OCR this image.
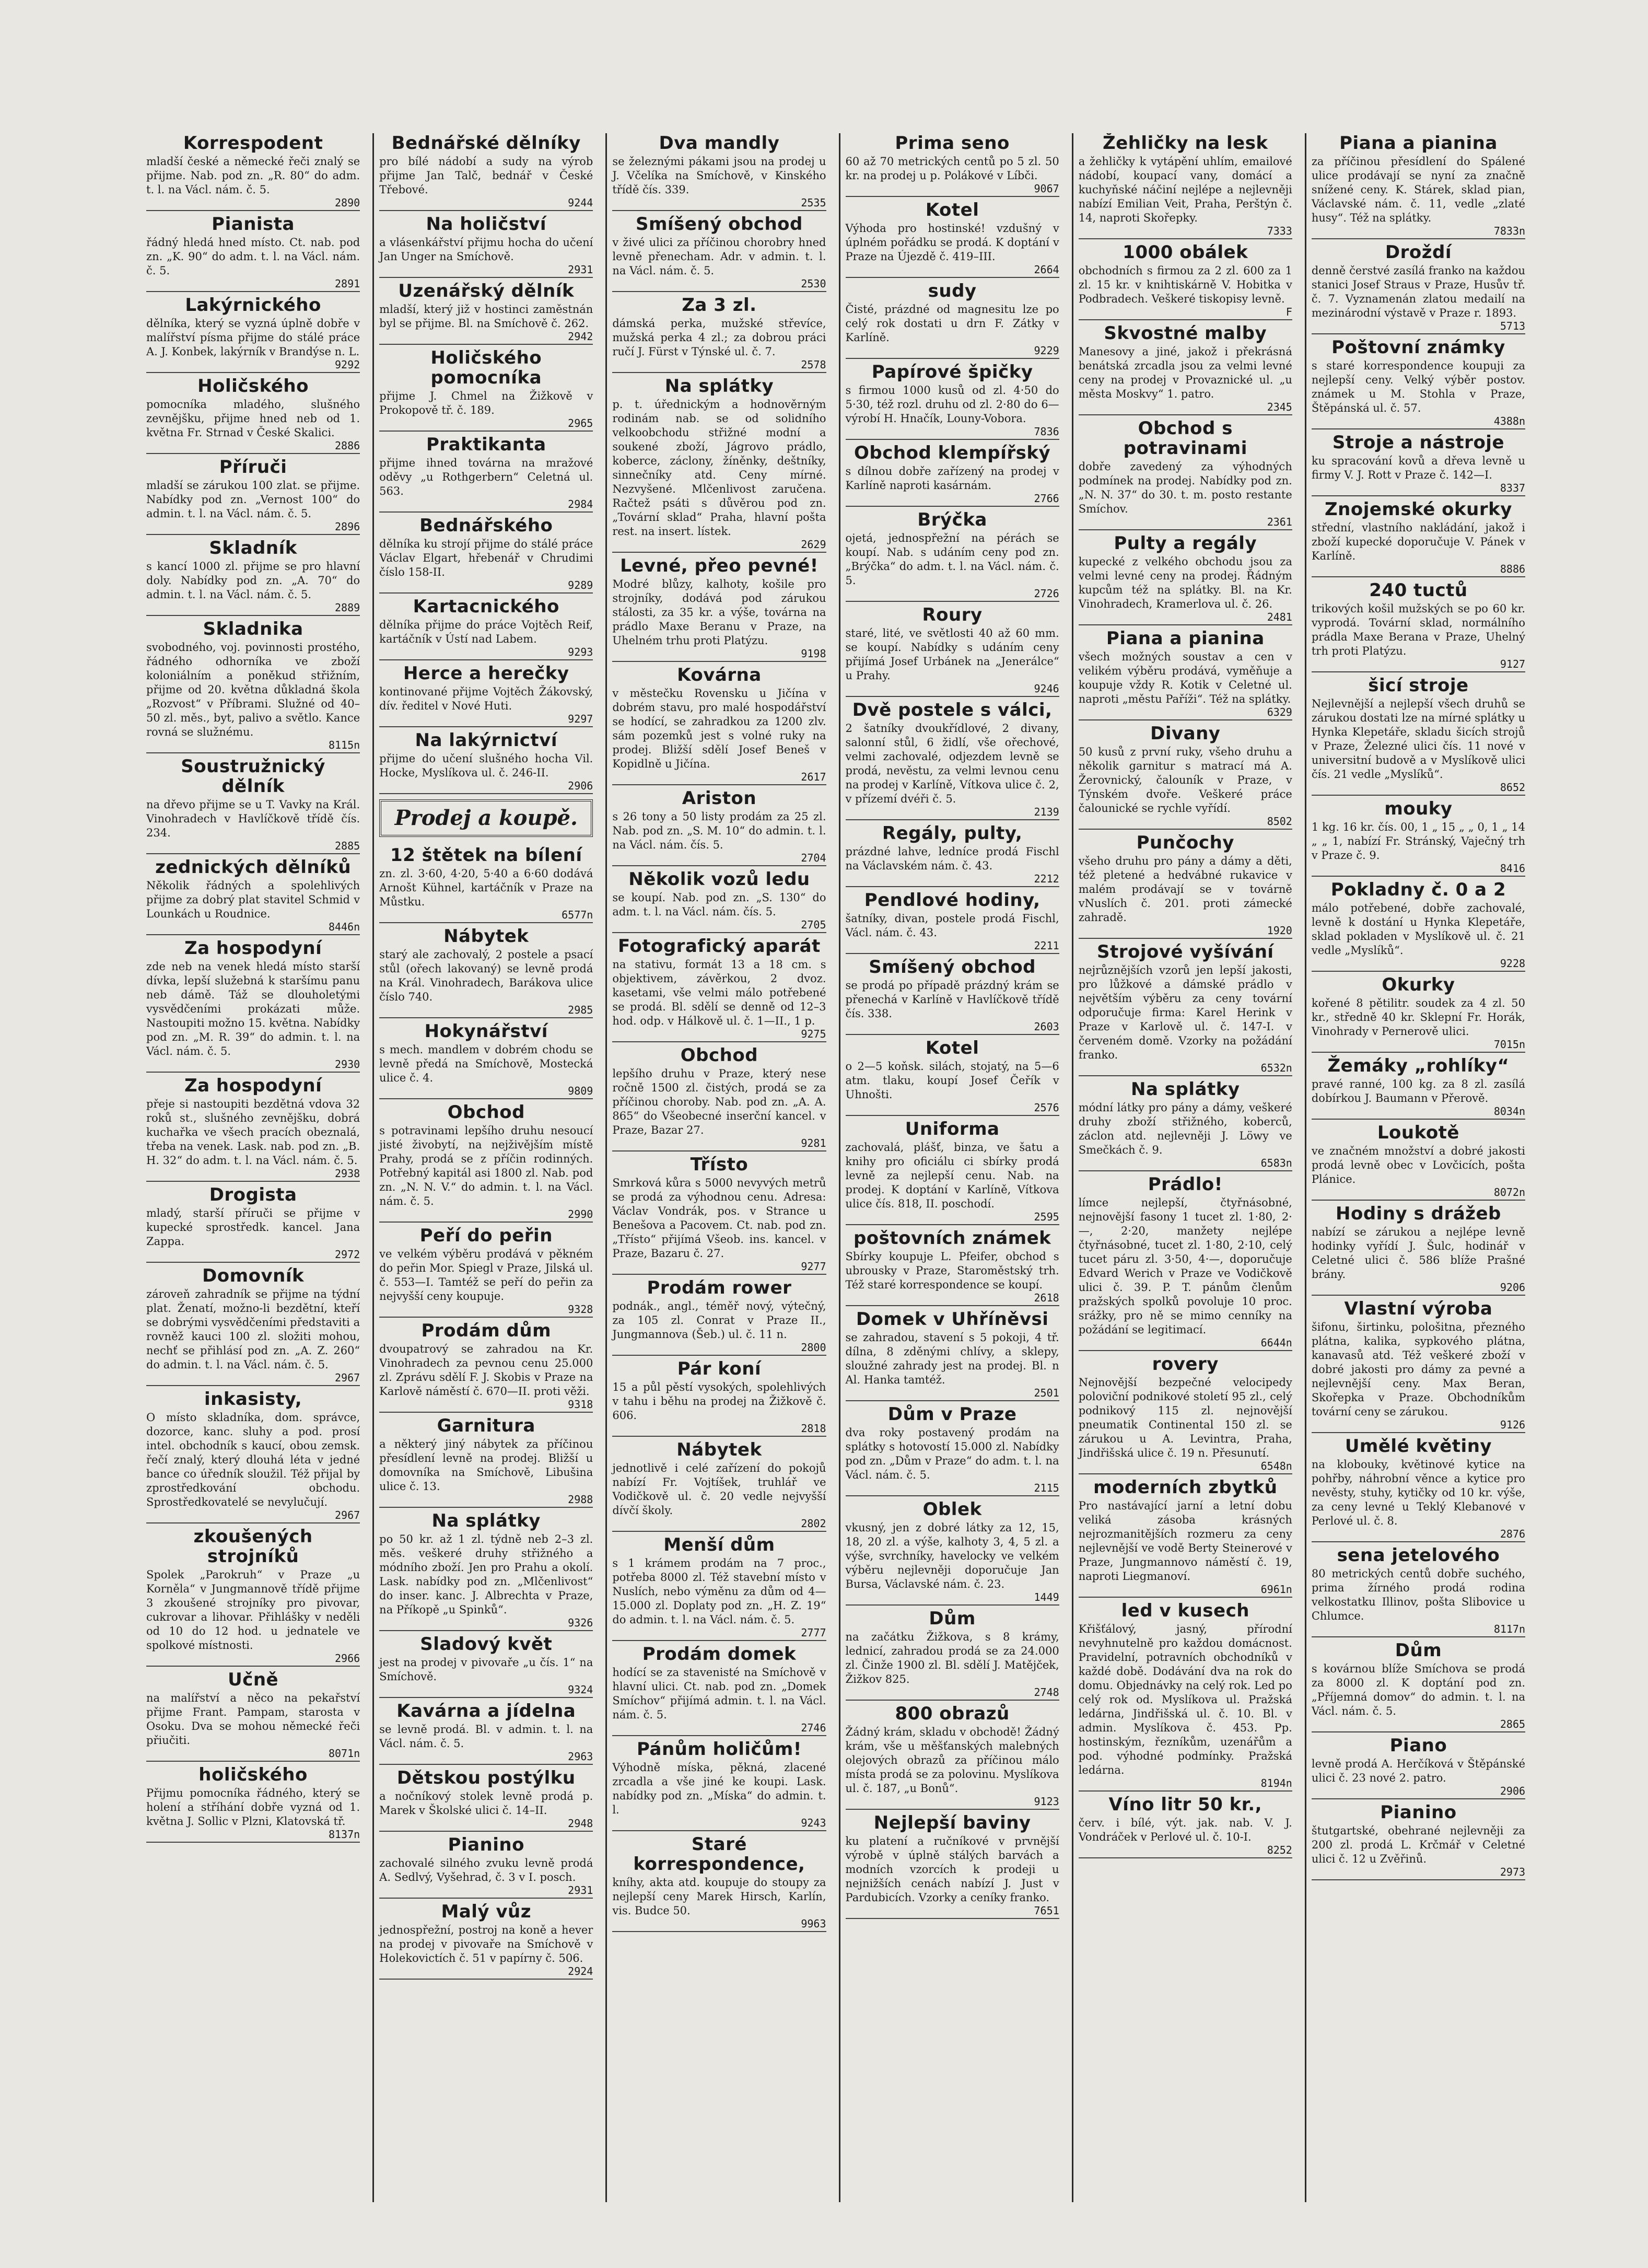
Korrespodent

mladší české a německé řeči znalý se přijme. Nab. pod zn. „R. 80“ do adm. t. l. na Václ. nám. č. 5.

2890
Pianista

řádný hledá hned místo. Ct. nab. pod zn. „K. 90“ do adm. t. l. na Václ. nám. č. 5.

2891
Lakýrnického

dělníka, který se vyzná úplně dobře v malířství písma přijme do stálé práce A. J. Konbek, lakýrník v Brandýse n. L.

9292
Holičského

pomocníka mladého, slušného zevnějšku, přijme hned neb od 1. května Fr. Strnad v České Skalici.

2886
Příruči

mladší se zárukou 100 zlat. se přijme. Nabídky pod zn. „Vernost 100“ do admin. t. l. na Václ. nám. č. 5.

2896
Skladník

s kancí 1000 zl. přijme se pro hlavní doly. Nabídky pod zn. „A. 70“ do admin. t. l. na Václ. nám. č. 5.

2889
Skladnika

svobodného, voj. povinnosti prostého, řádného odhorníka ve zboží koloniálním a poněkud střižním, přijme od 20. května důkladná škola „Rozvost“ v Příbrami. Služné od 40–50 zl. měs., byt, palivo a světlo. Kance rovná se služnému.

8115n
Soustružnický dělník

na dřevo přijme se u T. Vavky na Král. Vinohradech v Havlíčkově třídě čís. 234.

2885
zednických dělníků

Několik řádných a spolehlivých přijme za dobrý plat stavitel Schmid v Lounkách u Roudnice.

8446n
Za hospodyní

zde neb na venek hledá místo starší dívka, lepší služebná k staršímu panu neb dámě. Táž se dlouholetými vysvědčeními prokázati může. Nastoupiti možno 15. května. Nabídky pod zn. „M. R. 39“ do admin. t. l. na Václ. nám. č. 5.

2930
Za hospodyní

přeje si nastoupiti bezdětná vdova 32 roků st., slušného zevnějšku, dobrá kuchařka ve všech pracích obeznalá, třeba na venek. Lask. nab. pod zn. „B. H. 32“ do adm. t. l. na Václ. nám. č. 5.

2938
Drogista

mladý, starší příruči se přijme v kupecké sprostředk. kancel. Jana Zappa.

2972
Domovník

zároveň zahradník se přijme na týdní plat. Ženatí, možno-li bezdětní, kteří se dobrými vysvědčeními představiti a rovněž kauci 100 zl. složiti mohou, nechť se přihlásí pod zn. „A. Z. 260“ do admin. t. l. na Václ. nám. č. 5.

2967
inkasisty,

O místo skladníka, dom. správce, dozorce, kanc. sluhy a pod. prosí intel. obchodník s kaucí, obou zemsk. řečí znalý, který dlouhá léta v jedné bance co úředník sloužil. Též přijal by zprostředkování obchodu. Sprostředkovatelé se nevylučují.

2967
zkoušených strojníků

Spolek „Parokruh“ v Praze „u Korněla“ v Jungmannově třídě přijme 3 zkoušené strojníky pro pivovar, cukrovar a lihovar. Přihlášky v neděli od 10 do 12 hod. u jednatele ve spolkové místnosti.

2966
Učně

na malířství a něco na pekařství přijme Frant. Pampam, starosta v Osoku. Dva se mohou německé řeči přiučiti.

8071n
holičského

Přijmu pomocníka řádného, který se holení a stříhání dobře vyzná od 1. května J. Sollic v Plzni, Klatovská tř.

8137n
Bednářské dělníky

pro bílé nádobí a sudy na výrob přijme Jan Talč, bednář v České Třebové.

9244
Na holičství

a vlásenkářství přijmu hocha do učení Jan Unger na Smíchově.

2931
Uzenářský dělník

mladší, který již v hostinci zaměstnán byl se přijme. Bl. na Smíchově č. 262.

2942
Holičského pomocníka

přijme J. Chmel na Žižkově v Prokopově tř. č. 189.

2965
Praktikanta

přijme ihned továrna na mražové oděvy „u Rothgerbern“ Celetná ul. 563.

2984
Bednářského

dělníka ku strojí přijme do stálé práce Václav Elgart, hřebenář v Chrudimi číslo 158-II.

9289
Kartacnického

dělníka přijme do práce Vojtěch Reif, kartáčník v Ústí nad Labem.

9293
Herce a herečky

kontinované přijme Vojtěch Žákovský, dív. ředitel v Nové Huti.

9297
Na lakýrnictví

přijme do učení slušného hocha Vil. Hocke, Myslíkova ul. č. 246-II.

2906
Prodej a koupě.
12 štětek na bílení

zn. zl. 3·60, 4·20, 5·40 a 6·60 dodává Arnošt Kühnel, kartáčník v Praze na Můstku.

6577n
Nábytek

starý ale zachovalý, 2 postele a psací stůl (ořech lakovaný) se levně prodá na Král. Vinohradech, Barákova ulice číslo 740.

2985
Hokynářství

s mech. mandlem v dobrém chodu se levně předá na Smíchově, Mostecká ulice č. 4.

9809
Obchod

s potravinami lepšího druhu nesoucí jisté živobytí, na nejživějším místě Prahy, prodá se z příčin rodinných. Potřebný kapitál asi 1800 zl. Nab. pod zn. „N. N. V.“ do admin. t. l. na Václ. nám. č. 5.

2990
Peří do peřin

ve velkém výběru prodává v pěkném do peřin Mor. Spiegl v Praze, Jilská ul. č. 553—I. Tamtéž se peří do peřin za nejvyšší ceny koupuje.

9328
Prodám dům

dvoupatrový se zahradou na Kr. Vinohradech za pevnou cenu 25.000 zl. Zprávu sdělí F. J. Skobis v Praze na Karlově náměstí č. 670—II. proti věži.

9318
Garnitura

a některý jiný nábytek za příčinou přesídlení levně na prodej. Bližší u domovníka na Smíchově, Libušina ulice č. 13.

2988
Na splátky

po 50 kr. až 1 zl. týdně neb 2–3 zl. měs. veškeré druhy střižného a módního zboží. Jen pro Prahu a okolí. Lask. nabídky pod zn. „Mlčenlivost“ do inser. kanc. J. Albrechta v Praze, na Příkopě „u Spinků“.

9326
Sladový květ

jest na prodej v pivovaře „u čís. 1“ na Smíchově.

9324
Kavárna a jídelna

se levně prodá. Bl. v admin. t. l. na Václ. nám. č. 5.

2963
Dětskou postýlku

a nočníkový stolek levně prodá p. Marek v Školské ulici č. 14–II.

2948
Pianino

zachovalé silného zvuku levně prodá A. Sedlvý, Vyšehrad, č. 3 v I. posch.

2931
Malý vůz

jednospřežní, postroj na koně a hever na prodej v pivovaře na Smíchově v Holekovictích č. 51 v papírny č. 506.

2924
Dva mandly

se železnými pákami jsou na prodej u J. Včelíka na Smíchově, v Kinského třídě čís. 339.

2535
Smíšený obchod

v živé ulici za příčinou chorobry hned levně přenecham. Adr. v admin. t. l. na Václ. nám. č. 5.

2530
Za 3 zl.

dámská perka, mužské střevíce, mužská perka 4 zl.; za dobrou práci ručí J. Fürst v Týnské ul. č. 7.

2578
Na splátky

p. t. úřednickým a hodnověrným rodinám nab. se od solidního velkoobchodu střižné modní a soukené zboží, Jágrovo prádlo, koberce, záclony, žíněnky, deštníky, sinnečníky atd. Ceny mírné. Nezvyšené. Mlčenlivost zaručena. Račtež psáti s důvěrou pod zn. „Tovární sklad“ Praha, hlavní pošta rest. na insert. lístek.

2629
Levné, přeo pevné!

Modré blůzy, kalhoty, košile pro strojníky, dodává pod zárukou stálosti, za 35 kr. a výše, továrna na prádlo Maxe Beranu v Praze, na Uhelném trhu proti Platýzu.

9198
Kovárna

v městečku Rovensku u Jičína v dobrém stavu, pro malé hospodářství se hodící, se zahradkou za 1200 zlv. sám pozemků jest s volné ruky na prodej. Bližší sdělí Josef Beneš v Kopidlně u Jičína.

2617
Ariston

s 26 tony a 50 listy prodám za 25 zl. Nab. pod zn. „S. M. 10“ do admin. t. l. na Václ. nám. čís. 5.

2704
Několik vozů ledu

se koupí. Nab. pod zn. „S. 130“ do adm. t. l. na Václ. nám. čís. 5.

2705
Fotografický aparát

na stativu, formát 13 a 18 cm. s objektivem, závěrkou, 2 dvoz. kasetami, vše velmi málo potřebené se prodá. Bl. sdělí se denně od 12–3 hod. odp. v Hálkově ul. č. 1—II., 1 p.

9275
Obchod

lepšího druhu v Praze, který nese ročně 1500 zl. čistých, prodá se za příčinou choroby. Nab. pod zn. „A. A. 865“ do Všeobecné inserční kancel. v Praze, Bazar 27.

9281
Třísto

Smrková kůra s 5000 nevyvých metrů se prodá za výhodnou cenu. Adresa: Václav Vondrák, pos. v Strance u Benešova a Pacovem. Ct. nab. pod zn. „Třísto“ přijímá Všeob. ins. kancel. v Praze, Bazaru č. 27.

9277
Prodám rower

podnák., angl., téměř nový, výtečný, za 105 zl. Conrat v Praze II., Jungmannova (Šeb.) ul. č. 11 n.

2800
Pár koní

15 a půl pěstí vysokých, spolehlivých v tahu i běhu na prodej na Žižkově č. 606.

2818
Nábytek

jednotlivě i celé zařízení do pokojů nabízí Fr. Vojtíšek, truhlář ve Vodičkově ul. č. 20 vedle nejvyšší dívčí školy.

2802
Menší dům

s 1 krámem prodám na 7 proc., potřeba 8000 zl. Též stavební místo v Nuslích, nebo výměnu za dům od 4—15.000 zl. Doplaty pod zn. „H. Z. 19“ do admin. t. l. na Václ. nám. č. 5.

2777
Prodám domek

hodící se za stavenisté na Smíchově v hlavní ulici. Ct. nab. pod zn. „Domek Smíchov“ přijímá admin. t. l. na Václ. nám. č. 5.

2746
Pánům holičům!

Výhodně míska, pěkná, zlacené zrcadla a vše jiné ke koupi. Lask. nabídky pod zn. „Míska“ do admin. t. l.

9243
Staré korrespondence,

kníhy, akta atd. koupuje do stoupy za nejlepší ceny Marek Hirsch, Karlín, vis. Budce 50.

9963
Prima seno

60 až 70 metrických centů po 5 zl. 50 kr. na prodej u p. Polákové v Líbči.

9067
Kotel

Výhoda pro hostinské! vzdušný v úplném pořádku se prodá. K doptání v Praze na Újezdě č. 419–III.

2664
sudy

Čisté, prázdné od magnesitu lze po celý rok dostati u drn F. Zátky v Karlíně.

9229
Papírové špičky

s firmou 1000 kusů od zl. 4·50 do 5·30, též rozl. druhu od zl. 2·80 do 6—výrobí H. Hnačík, Louny-Vobora.

7836
Obchod klempířský

s dílnou dobře zařízený na prodej v Karlíně naproti kasárnám.

2766
Brýčka

ojetá, jednospřežní na pérách se koupí. Nab. s udáním ceny pod zn. „Brýčka“ do adm. t. l. na Václ. nám. č. 5.

2726
Roury

staré, lité, ve světlosti 40 až 60 mm. se koupí. Nabídky s udáním ceny přijímá Josef Urbánek na „Jenerálce“ u Prahy.

9246
Dvě postele s válci,

2 šatníky dvoukřídlové, 2 divany, salonní stůl, 6 židlí, vše ořechové, velmi zachovalé, odjezdem levně se prodá, nevěstu, za velmi levnou cenu na prodej v Karlíně, Vítkova ulice č. 2, v přízemí dvéři č. 5.

2139
Regály, pulty,

prázdné lahve, ledníce prodá Fischl na Václavském nám. č. 43.

2212
Pendlové hodiny,

šatníky, divan, postele prodá Fischl, Václ. nám. č. 43.

2211
Smíšený obchod

se prodá po případě prázdný krám se přenechá v Karlíně v Havlíčkově třídě čís. 338.

2603
Kotel

o 2—5 koňsk. silách, stojatý, na 5—6 atm. tlaku, koupí Josef Čeřík v Uhnošti.

2576
Uniforma

zachovalá, plášť, binza, ve šatu a knihy pro oficiálu ci sbírky prodá levně za nejlepší cenu. Nab. na prodej. K doptání v Karlíně, Vítkova ulice čís. 818, II. poschodí.

2595
poštovních známek

Sbírky koupuje L. Pfeifer, obchod s ubrousky v Praze, Staroměstský trh. Též staré korrespondence se koupí.

2618
Domek v Uhříněvsi

se zahradou, stavení s 5 pokoji, 4 tř. dílna, 8 zděnými chlívy, a sklepy, sloužné zahrady jest na prodej. Bl. n Al. Hanka tamtéž.

2501
Dům v Praze

dva roky postavený prodám na splátky s hotovostí 15.000 zl. Nabídky pod zn. „Dům v Praze“ do adm. t. l. na Václ. nám. č. 5.

2115
Oblek

vkusný, jen z dobré látky za 12, 15, 18, 20 zl. a výše, kalhoty 3, 4, 5 zl. a výše, svrchníky, havelocky ve velkém výběru nejlevněji doporučuje Jan Bursa, Václavské nám. č. 23.

1449
Dům

na začátku Žižkova, s 8 krámy, lednicí, zahradou prodá se za 24.000 zl. Činže 1900 zl. Bl. sdělí J. Matějček, Žižkov 825.

2748
800 obrazů

Žádný krám, skladu v obchodě! Žádný krám, vše u měšťanských malebných olejových obrazů za příčinou málo místa prodá se za polovinu. Myslíkova ul. č. 187, „u Bonů“.

9123
Nejlepší baviny

ku platení a ručníkové v prvnější výrobě v úplně stálých barvách a modních vzorcích k prodeji u nejnižších cenách nabízí J. Just v Pardubicích. Vzorky a ceníky franko.

7651
Žehličky na lesk

a žehličky k vytápění uhlím, emailové nádobí, koupací vany, domácí a kuchyňské náčiní nejlépe a nejlevněji nabízí Emilian Veit, Praha, Perštýn č. 14, naproti Skořepky.

7333
1000 obálek

obchodních s firmou za 2 zl. 600 za 1 zl. 15 kr. v knihtiskárně V. Hobitka v Podbradech. Veškeré tiskopisy levně.

F
Skvostné malby

Manesovy a jiné, jakož i překrásná benátská zrcadla jsou za velmi levné ceny na prodej v Provaznické ul. „u města Moskvy“ 1. patro.

2345
Obchod s potravinami

dobře zavedený za výhodných podmínek na prodej. Nabídky pod zn. „N. N. 37“ do 30. t. m. posto restante Smíchov.

2361
Pulty a regály

kupecké z velkého obchodu jsou za velmi levné ceny na prodej. Řádným kupcům též na splátky. Bl. na Kr. Vinohradech, Kramerlova ul. č. 26.

2481
Piana a pianina

všech možných soustav a cen v velikém výběru prodává, vyměňuje a koupuje vždy R. Kotik v Celetné ul. naproti „městu Paříži“. Též na splátky.

6329
Divany

50 kusů z první ruky, všeho druhu a několik garnitur s matrací má A. Žerovnický, čalouník v Praze, v Týnském dvoře. Veškeré práce čalounické se rychle vyřídí.

8502
Punčochy

všeho druhu pro pány a dámy a děti, též pletené a hedvábné rukavice v malém prodávají se v továrně vNuslích č. 201. proti zámecké zahradě.

1920
Strojové vyšívání

nejrůznějších vzorů jen lepší jakosti, pro lůžkové a dámské prádlo v největším výběru za ceny tovární odporučuje firma: Karel Herink v Praze v Karlově ul. č. 147-I. v červeném domě. Vzorky na požádání franko.

6532n
Na splátky

módní látky pro pány a dámy, veškeré druhy zboží střižného, koberců, záclon atd. nejlevněji J. Löwy ve Smečkách č. 9.

6583n
Prádlo!

límce nejlepší, čtyřnásobné, nejnovější fasony 1 tucet zl. 1·80, 2·—, 2·20, manžety nejlépe čtyřnásobné, tucet zl. 1·80, 2·10, celý tucet páru zl. 3·50, 4·—, doporučuje Edvard Werich v Praze ve Vodičkově ulici č. 39. P. T. pánům členům pražských spolků povoluje 10 proc. srážky, pro ně se mimo cenníky na požádání se legitimací.

6644n
rovery

Nejnovější bezpečné velocipedy poloviční podnikové století 95 zl., celý podnikový 115 zl. nejnovější pneumatik Continental 150 zl. se zárukou u A. Levintra, Praha, Jindřišská ulice č. 19 n. Přesunutí.

6548n
moderních zbytků

Pro nastávající jarní a letní dobu veliká zásoba krásných nejrozmanitějších rozmeru za ceny nejlevnější ve vodě Berty Steinerové v Praze, Jungmannovo náměstí č. 19, naproti Liegmanoví.

6961n
led v kusech

Křišťálový, jasný, přírodní nevyhnutelně pro každou domácnost. Pravidelní, potravních obchodníků v každé době. Dodávání dva na rok do domu. Objednávky na celý rok. Led po celý rok od. Myslíkova ul. Pražská ledárna, Jindřišská ul. č. 10. Bl. v admin. Myslíkova č. 453. Pp. hostinským, řezníkům, uzenářům a pod. výhodné podmínky. Pražská ledárna.

8194n
Víno litr 50 kr.,

červ. i bílé, výt. jak. nab. V. J. Vondráček v Perlové ul. č. 10-I.

8252
Piana a pianina

za příčinou přesídlení do Spálené ulice prodávají se nyní za značně snížené ceny. K. Stárek, sklad pian, Václavské nám. č. 11, vedle „zlaté husy“. Též na splátky.

7833n
Droždí

denně čerstvé zasílá franko na každou stanici Josef Straus v Praze, Husův tř. č. 7. Vyznamenán zlatou medailí na mezinárodní výstavě v Praze r. 1893.

5713
Poštovní známky

s staré korrespondence koupuji za nejlepší ceny. Velký výběr postov. známek u M. Stohla v Praze, Štěpánská ul. č. 57.

4388n
Stroje a nástroje

ku spracování kovů a dřeva levně u firmy V. J. Rott v Praze č. 142—I.

8337
Znojemské okurky

střední, vlastního nakládání, jakož i zboží kupecké doporučuje V. Pánek v Karlíně.

8886
240 tuctů

trikových košil mužských se po 60 kr. vyprodá. Tovární sklad, normálního prádla Maxe Berana v Praze, Uhelný trh proti Platýzu.

9127
šicí stroje

Nejlevnější a nejlepší všech druhů se zárukou dostati lze na mírné splátky u Hynka Klepetáře, skladu šicích strojů v Praze, Železné ulici čís. 11 nové v universitní budově a v Myslíkově ulici čís. 21 vedle „Myslíků“.

8652
mouky

1 kg. 16 kr. čís. 00, 1 „ 15 „ „ 0, 1 „ 14 „ „ 1, nabízí Fr. Stránský, Vaječný trh v Praze č. 9.

8416
Pokladny č. 0 a 2

málo potřebené, dobře zachovalé, levně k dostání u Hynka Klepetáře, sklad pokladen v Myslíkově ul. č. 21 vedle „Myslíků“.

9228
Okurky

kořené 8 pětilitr. soudek za 4 zl. 50 kr., středně 40 kr. Sklepní Fr. Horák, Vinohrady v Pernerově ulici.

7015n
Žemáky „rohlíky“

pravé ranné, 100 kg. za 8 zl. zasílá dobírkou J. Baumann v Přerově.

8034n
Loukotě

ve značném množství a dobré jakosti prodá levně obec v Lovčicích, pošta Plánice.

8072n
Hodiny s drážeb

nabízí se zárukou a nejlépe levně hodinky vyřídí J. Šulc, hodinář v Celetné ulici č. 586 blíže Prašné brány.

9206
Vlastní výroba

šifonu, širtinku, pološitna, přezného plátna, kalika, sypkového plátna, kanavasů atd. Též veškeré zboží v dobré jakosti pro dámy za pevné a nejlevnější ceny. Max Beran, Skořepka v Praze. Obchodníkům tovární ceny se zárukou.

9126
Umělé květiny

na klobouky, květinové kytice na pohřby, náhrobní věnce a kytice pro nevěsty, stuhy, kytičky od 10 kr. výše, za ceny levné u Teklý Klebanové v Perlové ul. č. 8.

2876
sena jetelového

80 metrických centů dobře suchého, prima žírného prodá rodina velkostatku Illinov, pošta Slibovice u Chlumce.

8117n
Dům

s kovárnou blíže Smíchova se prodá za 8000 zl. K doptání pod zn. „Příjemná domov“ do admin. t. l. na Václ. nám. č. 5.

2865
Piano

levně prodá A. Herčíková v Štěpánské ulici č. 23 nové 2. patro.

2906
Pianino

štutgartské, obehrané nejlevněji za 200 zl. prodá L. Krčmář v Celetné ulici č. 12 u Zvěřinů.

2973
